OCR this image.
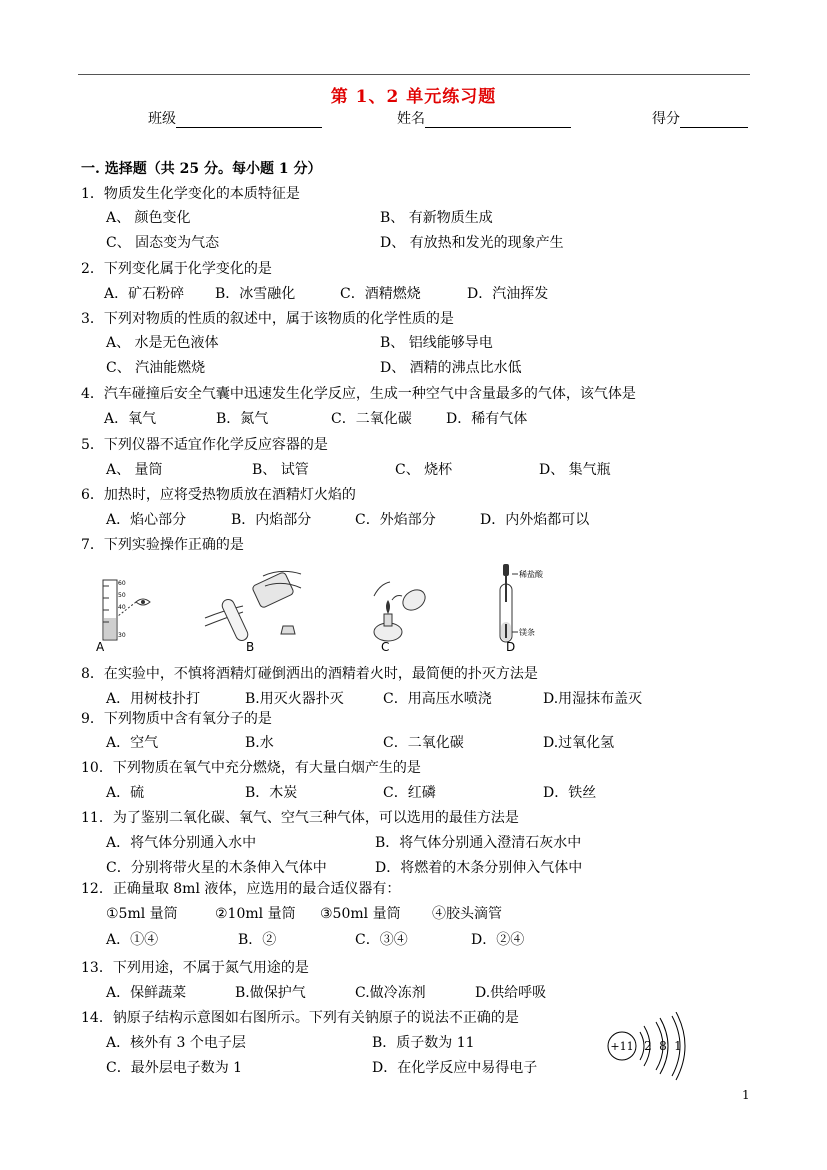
第 1、2 单元练习题
班级	姓名	得分
一. 选择题（共 25 分。每小题 1 分）
1．物质发生化学变化的本质特征是
A、 颜色变化	B、 有新物质生成
C、 固态变为气态	D、 有放热和发光的现象产生
2．下列变化属于化学变化的是
A．矿石粉碎 B．冰雪融化	C．酒精燃烧	D．汽油挥发
3．下列对物质的性质的叙述中，属于该物质的化学性质的是
A、 水是无色液体	B、 铝线能够导电
C、 汽油能燃烧	D、 酒精的沸点比水低
4．汽车碰撞后安全气囊中迅速发生化学反应，生成一种空气中含量最多的气体，该气体是
A．氧气	B．氮气	C．二氧化碳 D．稀有气体
5．下列仪器不适宜作化学反应容器的是
A、 量筒	B、 试管	C、 烧杯	D、 集气瓶
6．加热时，应将受热物质放在酒精灯火焰的
A．焰心部分	B．内焰部分	C．外焰部分	D．内外焰都可以
7．下列实验操作正确的是
60
50
40
30
稀盐酸
镁条
A	B	C	D
8．在实验中，不慎将酒精灯碰倒洒出的酒精着火时，最简便的扑灭方法是
A．用树枝扑打	B.用灭火器扑灭	C．用高压水喷浇	D.用湿抹布盖灭
9．下列物质中含有氧分子的是
A．空气	B.水	C．二氧化碳	D.过氧化氢
10．下列物质在氧气中充分燃烧，有大量白烟产生的是
A．硫	B．木炭	C．红磷	D．铁丝
11．为了鉴别二氧化碳、氧气、空气三种气体，可以选用的最佳方法是
A．将气体分别通入水中	B．将气体分别通入澄清石灰水中
C．分别将带火星的木条伸入气体中	D．将燃着的木条分别伸入气体中
12．正确量取 8ml 液体，应选用的最合适仪器有：
①5ml 量筒	②10ml 量筒 ③50ml 量筒 ④胶头滴管
A．①④	B．②	C．③④	D．②④
13．下列用途，不属于氮气用途的是
A．保鲜蔬菜	B.做保护气	C.做冷冻剂	D.供给呼吸
14．钠原子结构示意图如右图所示。下列有关钠原子的说法不正确的是
A．核外有 3 个电子层	B．质子数为 11
C．最外层电子数为 1	D．在化学反应中易得电子
+11 2 8 1
1
